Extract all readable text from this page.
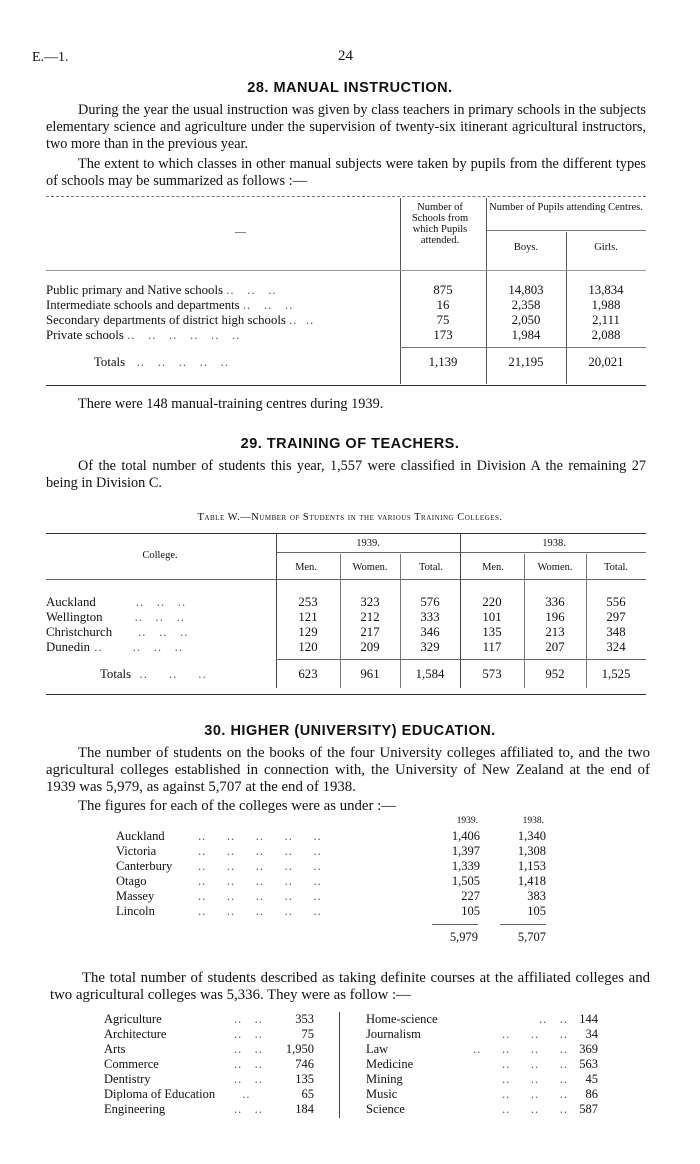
E.—1.	24
28. MANUAL INSTRUCTION.
During the year the usual instruction was given by class teachers in primary schools in the subjects elementary science and agriculture under the supervision of twenty-six itinerant agricultural instructors, two more than in the previous year.
The extent to which classes in other manual subjects were taken by pupils from the different types of schools may be summarized as follows :—
Number of Schools from which Pupils attended.
Number of Pupils attending Centres.
—
Boys.	Girls.
Public primary and Native schools ..   ..   ..	875	14,803	13,834
Intermediate schools and departments ..   ..   ..	16	2,358	1,988
Secondary departments of district high schools ..  ..	75	2,050	2,111
Private schools ..   ..   ..   ..   ..   ..	173	1,984	2,088
Totals   ..   ..   ..   ..   ..	1,139	21,195	20,021
There were 148 manual-training centres during 1939.
29. TRAINING OF TEACHERS.
Of the total number of students this year, 1,557 were classified in Division A the remaining 27 being in Division C.
Table W.—Number of Students in the various Training Colleges.
College.
1939.	1938.
Men.	Women.	Total.	Men.	Women.	Total.
Auckland ..   ..   ..	253	323	576	220	336	556
Wellington ..   ..   ..	121	212	333	101	196	297
Christchurch ..   ..   ..	129	217	346	135	213	348
Dunedin .. ..   ..   ..	120	209	329	117	207	324
Totals  ..     ..     ..	623	961	1,584	573	952	1,525
30. HIGHER (UNIVERSITY) EDUCATION.
The number of students on the books of the four University colleges affiliated to, and the two agricultural colleges established in connection with, the University of New Zealand at the end of 1939 was 5,979, as against 5,707 at the end of 1938.
The figures for each of the colleges were as under :—
1939.	1938.
Auckland	..     ..     ..     ..     ..	1,406	1,340
Victoria	..     ..     ..     ..     ..	1,397	1,308
Canterbury	..     ..     ..     ..     ..	1,339	1,153
Otago	..     ..     ..     ..     ..	1,505	1,418
Massey	..     ..     ..     ..     ..	227	383
Lincoln	..     ..     ..     ..     ..	105	105
5,979	5,707
The total number of students described as taking definite courses at the affiliated colleges and two agricultural colleges was 5,336. They were as follow :—
Agriculture	..   ..	353
Architecture	..   ..	75
Arts	..   ..	1,950
Commerce	..   ..	746
Dentistry	..   ..	135
Diploma of Education	..	65
Engineering	..   ..	184
Home-science	..   ..	144
Journalism	..     ..     ..	34
Law	..     ..     ..     ..	369
Medicine	..     ..     ..	563
Mining	..     ..     ..	45
Music	..     ..     ..	86
Science	..     ..     ..	587
